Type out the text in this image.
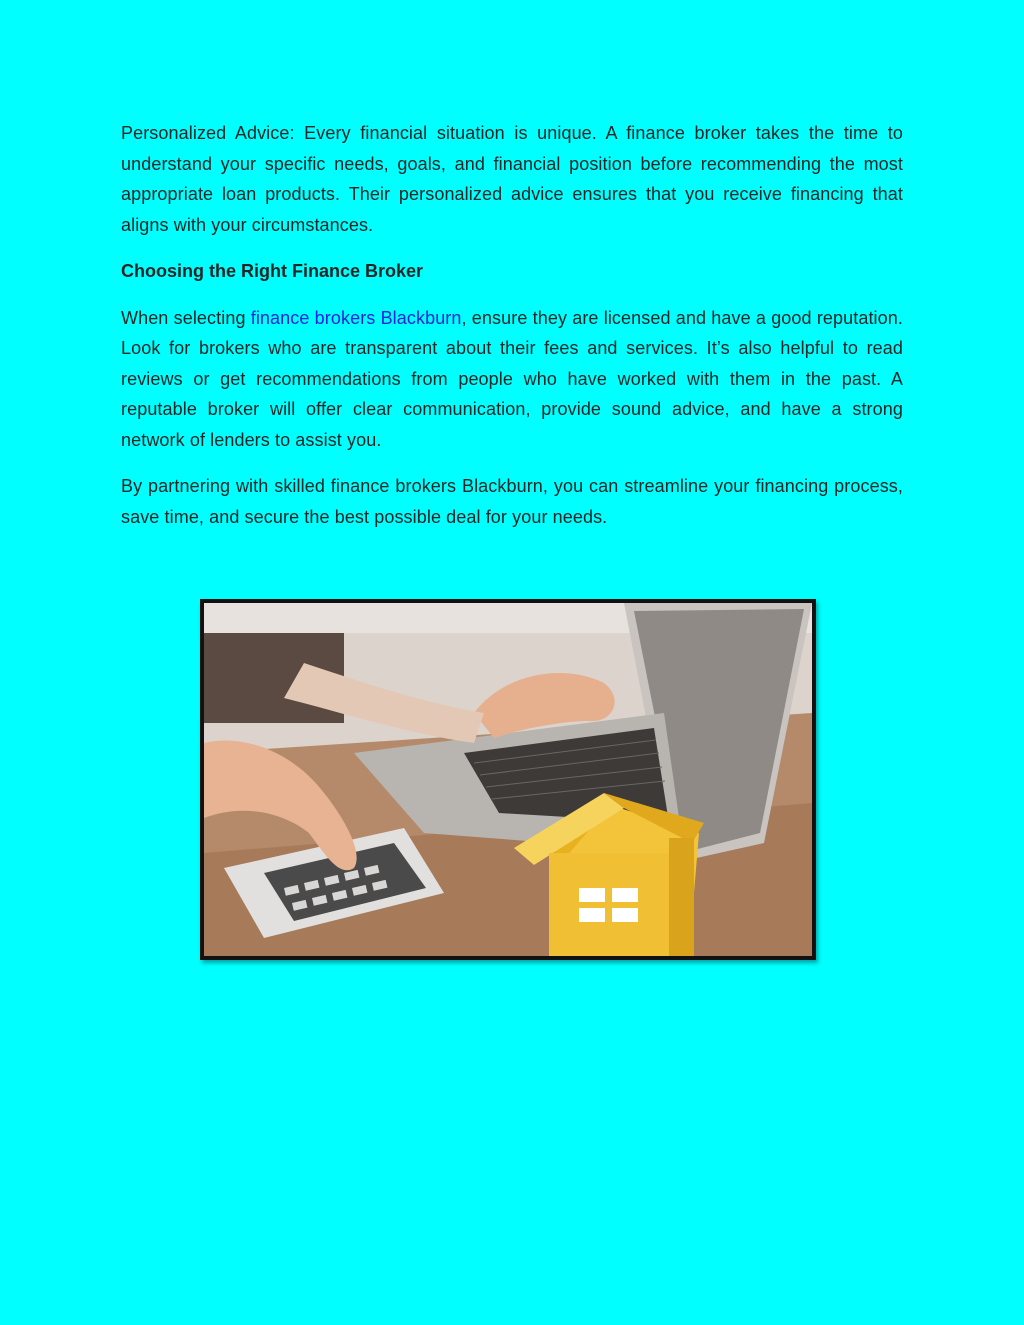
Personalized Advice: Every financial situation is unique. A finance broker takes the time to understand your specific needs, goals, and financial position before recommending the most appropriate loan products. Their personalized advice ensures that you receive financing that aligns with your circumstances.

Choosing the Right Finance Broker

When selecting finance brokers Blackburn, ensure they are licensed and have a good reputation. Look for brokers who are transparent about their fees and services. It’s also helpful to read reviews or get recommendations from people who have worked with them in the past. A reputable broker will offer clear communication, provide sound advice, and have a strong network of lenders to assist you.

By partnering with skilled finance brokers Blackburn, you can streamline your financing process, save time, and secure the best possible deal for your needs.
